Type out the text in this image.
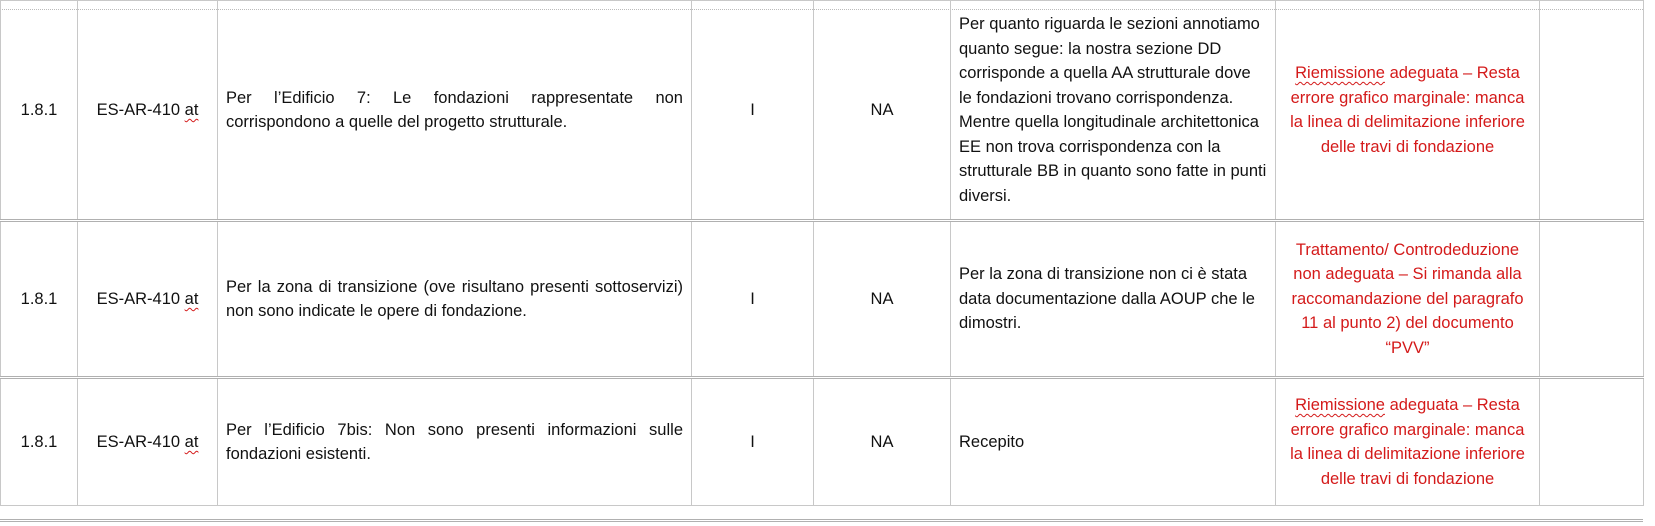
1.8.1	ES-AR-410 at	Per l’Edificio 7: Le fondazioni rappresentate non corrispondono a quelle del progetto strutturale.	I	NA	Per quanto riguarda le sezioni annotiamo quanto segue: la nostra sezione DD corrisponde a quella AA strutturale dove le fondazioni trovano corrispondenza. Mentre quella longitudinale architettonica EE non trova corrispondenza con la strutturale BB in quanto sono fatte in punti diversi.	Riemissione adeguata – Resta errore grafico marginale: manca la linea di delimitazione inferiore delle travi di fondazione	
1.8.1	ES-AR-410 at	Per la zona di transizione (ove risultano presenti sottoservizi) non sono indicate le opere di fondazione.	I	NA	Per la zona di transizione non ci è stata data documentazione dalla AOUP che le dimostri.	Trattamento/ Controdeduzione non adeguata – Si rimanda alla raccomandazione del paragrafo 11 al punto 2) del documento “PVV”	
1.8.1	ES-AR-410 at	Per l’Edificio 7bis: Non sono presenti informazioni sulle fondazioni esistenti.	I	NA	Recepito	Riemissione adeguata – Resta errore grafico marginale: manca la linea di delimitazione inferiore delle travi di fondazione	
